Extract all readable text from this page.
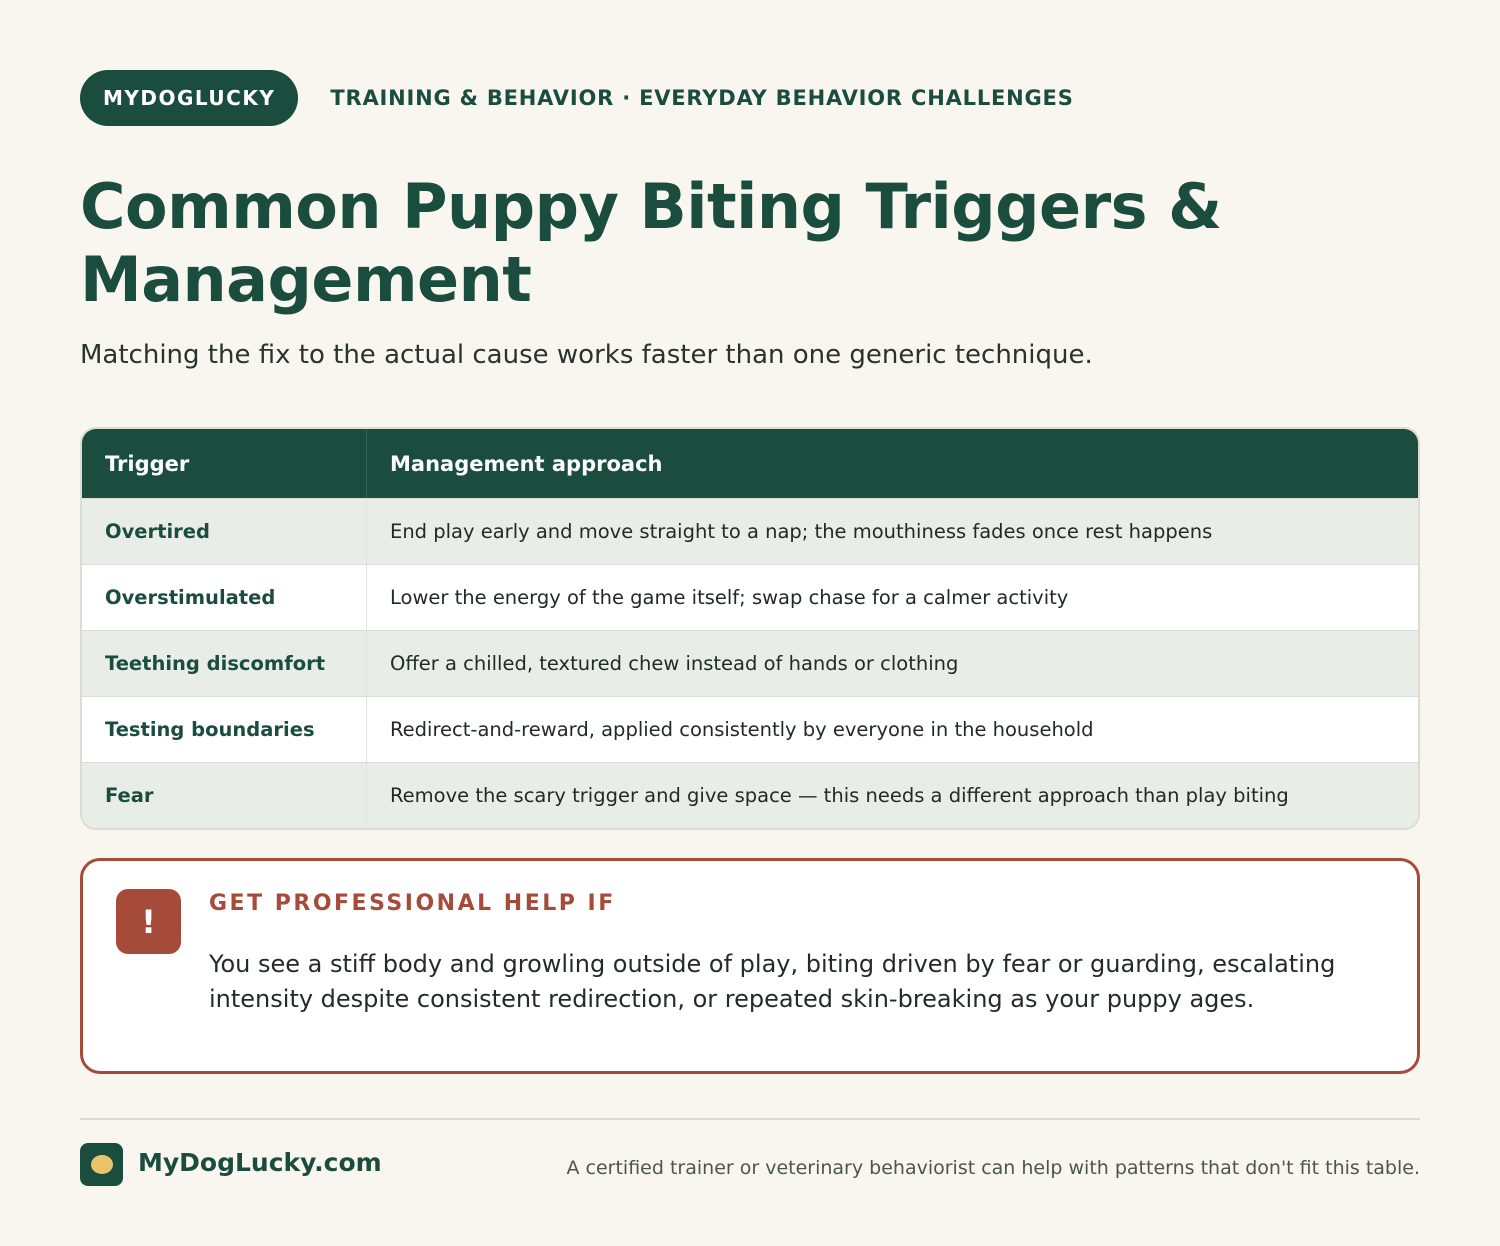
MYDOGLUCKY	TRAINING & BEHAVIOR · EVERYDAY BEHAVIOR CHALLENGES
Common Puppy Biting Triggers & Management

Matching the fix to the actual cause works faster than one generic technique.

Trigger	Management approach
Overtired	End play early and move straight to a nap; the mouthiness fades once rest happens
Overstimulated	Lower the energy of the game itself; swap chase for a calmer activity
Teething discomfort	Offer a chilled, textured chew instead of hands or clothing
Testing boundaries	Redirect-and-reward, applied consistently by everyone in the household
Fear	Remove the scary trigger and give space — this needs a different approach than play biting
!	GET PROFESSIONAL HELP IF

You see a stiff body and growling outside of play, biting driven by fear or guarding, escalating intensity despite consistent redirection, or repeated skin-breaking as your puppy ages.

MyDogLucky.com	A certified trainer or veterinary behaviorist can help with patterns that don't fit this table.
